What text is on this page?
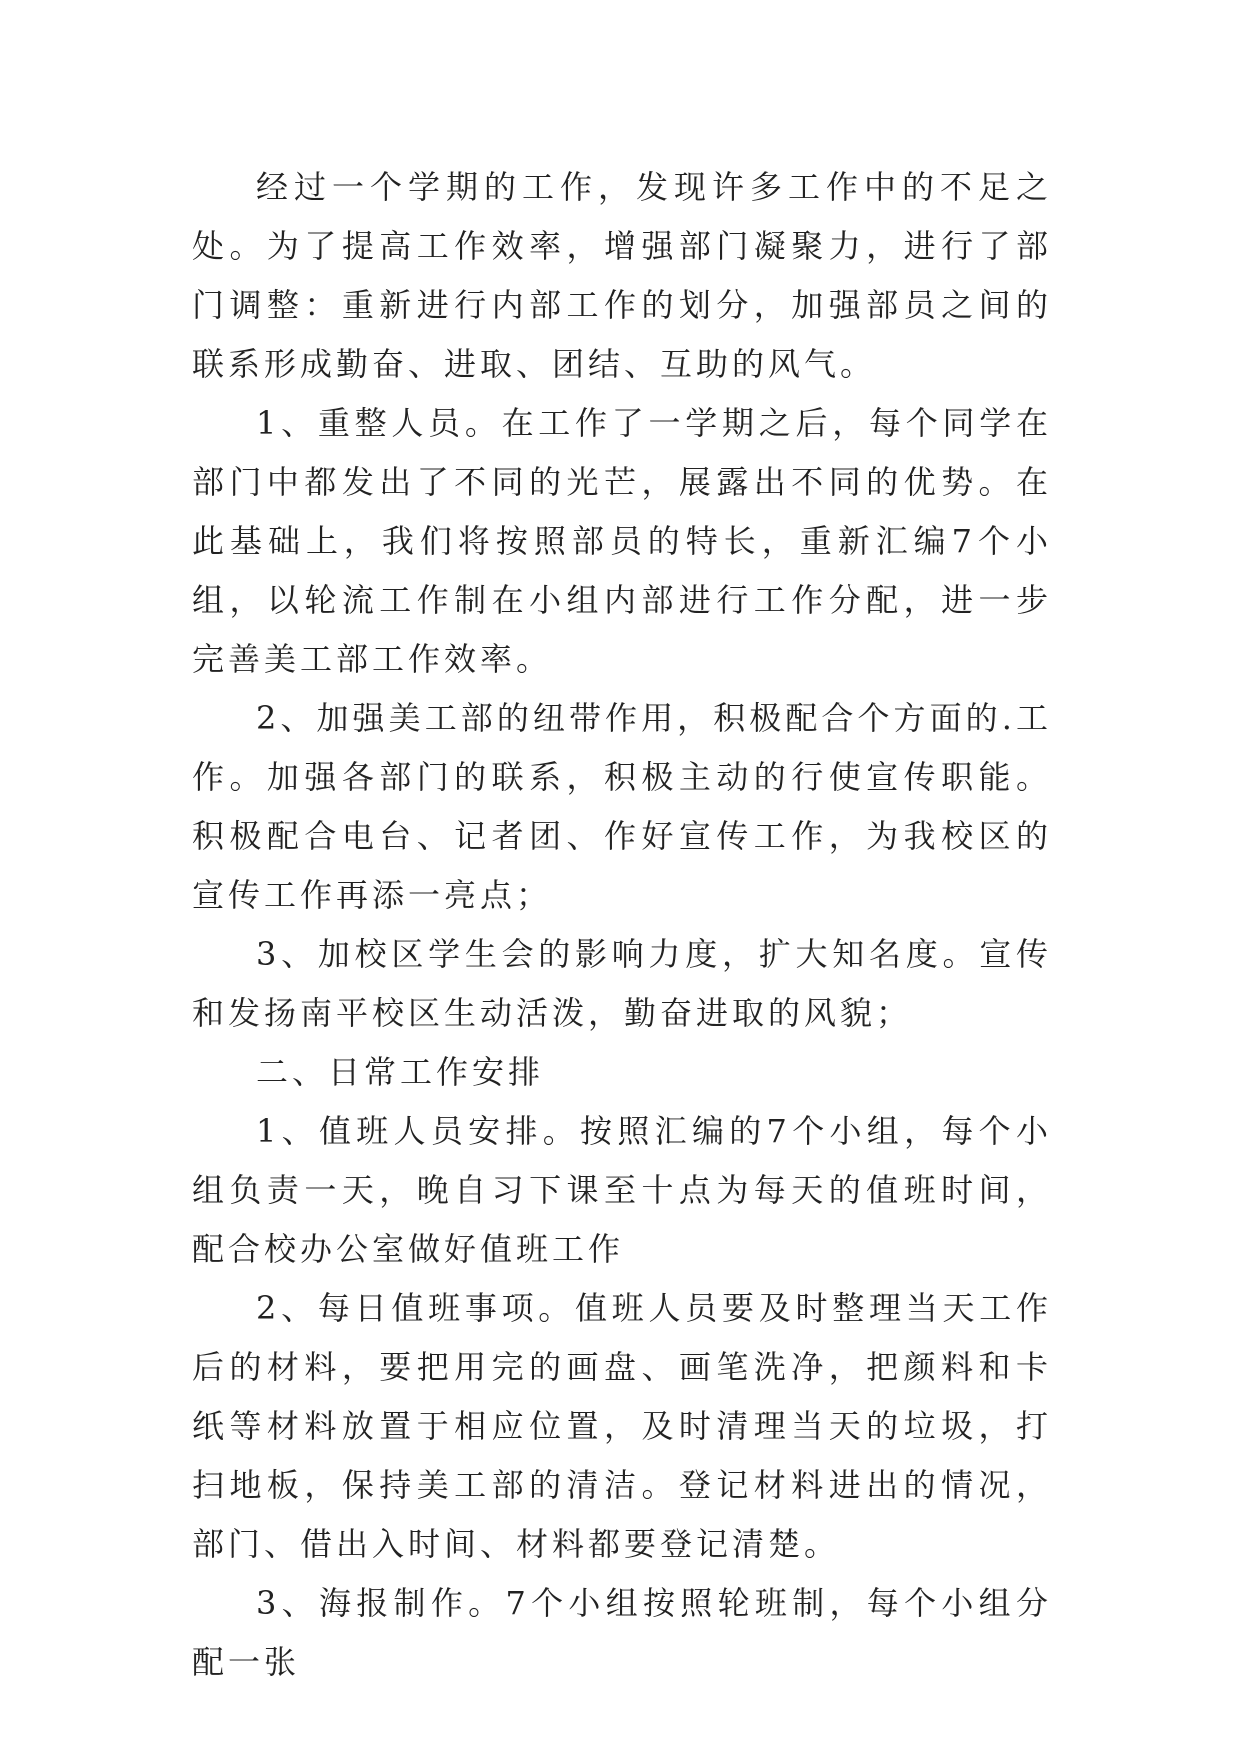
经过一个学期的工作，发现许多工作中的不足之处。为了提高工作效率，增强部门凝聚力，进行了部门调整：重新进行内部工作的划分，加强部员之间的联系形成勤奋、进取、团结、互助的风气。

1、重整人员。在工作了一学期之后，每个同学在部门中都发出了不同的光芒，展露出不同的优势。在此基础上，我们将按照部员的特长，重新汇编7个小组，以轮流工作制在小组内部进行工作分配，进一步完善美工部工作效率。

2、加强美工部的纽带作用，积极配合个方面的.工作。加强各部门的联系，积极主动的行使宣传职能。积极配合电台、记者团、作好宣传工作，为我校区的宣传工作再添一亮点；

3、加校区学生会的影响力度，扩大知名度。宣传和发扬南平校区生动活泼，勤奋进取的风貌；

二、日常工作安排

1、值班人员安排。按照汇编的7个小组，每个小组负责一天，晚自习下课至十点为每天的值班时间，配合校办公室做好值班工作

2、每日值班事项。值班人员要及时整理当天工作后的材料，要把用完的画盘、画笔洗净，把颜料和卡纸等材料放置于相应位置，及时清理当天的垃圾，打扫地板，保持美工部的清洁。登记材料进出的情况，部门、借出入时间、材料都要登记清楚。

3、海报制作。7个小组按照轮班制，每个小组分配一张
